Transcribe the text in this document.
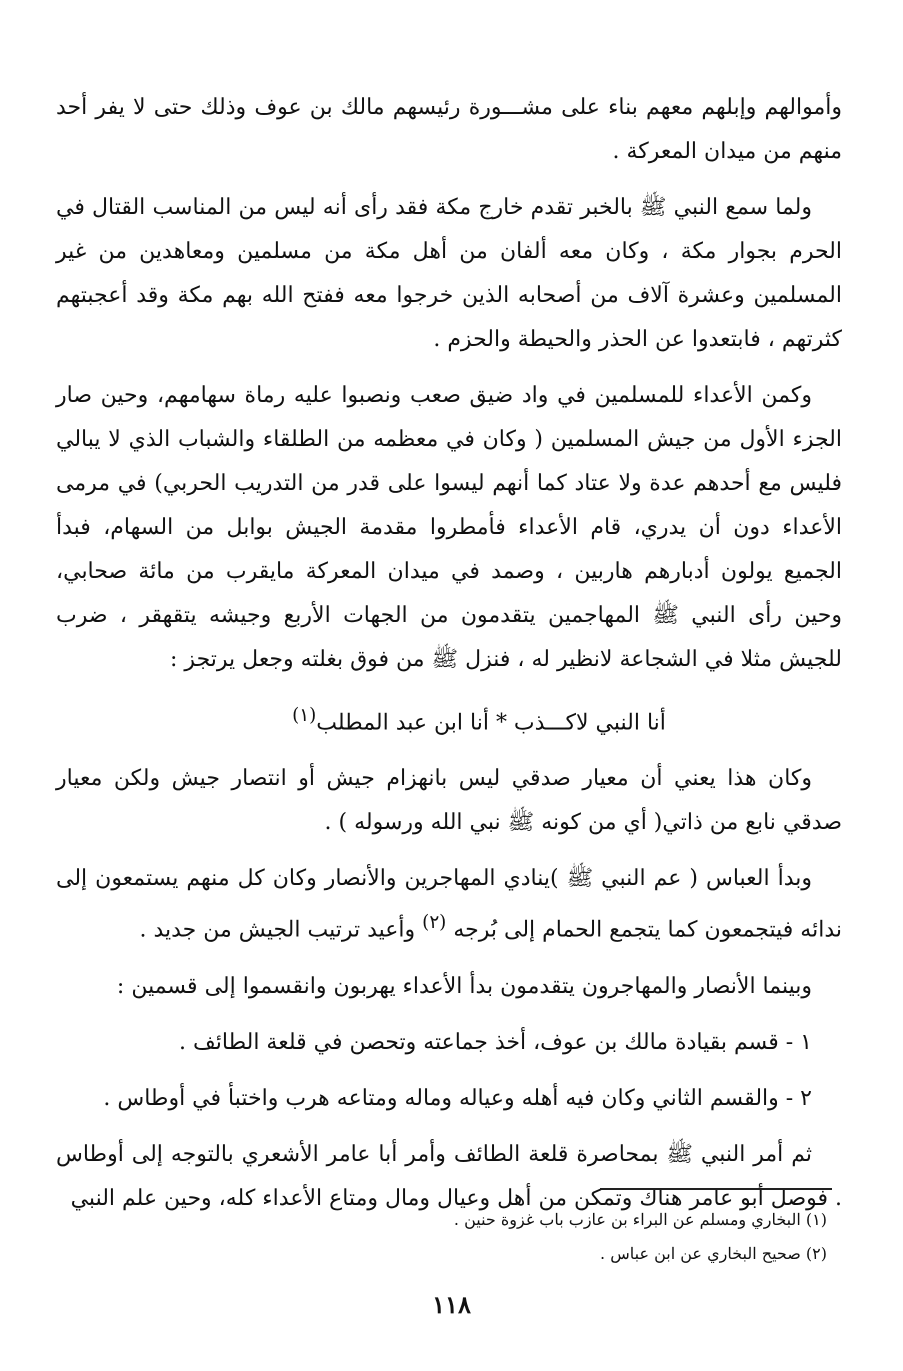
وأموالهم وإبلهم معهم بناء على مشـــورة رئيسهم مالك بن عوف وذلك حتى لا يفر أحد منهم من ميدان المعركة .

ولما سمع النبي ﷺ بالخبر تقدم خارج مكة فقد رأى أنه ليس من المناسب القتال في الحرم بجوار مكة ، وكان معه ألفان من أهل مكة من مسلمين ومعاهدين من غير المسلمين وعشرة آلاف من أصحابه الذين خرجوا معه ففتح الله بهم مكة وقد أعجبتهم كثرتهم ، فابتعدوا عن الحذر والحيطة والحزم .

وكمن الأعداء للمسلمين في واد ضيق صعب ونصبوا عليه رماة سهامهم، وحين صار الجزء الأول من جيش المسلمين ( وكان في معظمه من الطلقاء والشباب الذي لا يبالي فليس مع أحدهم عدة ولا عتاد كما أنهم ليسوا على قدر من التدريب الحربي) في مرمى الأعداء دون أن يدري، قام الأعداء فأمطروا مقدمة الجيش بوابل من السهام، فبدأ الجميع يولون أدبارهم هاربين ، وصمد في ميدان المعركة مايقرب من مائة صحابي، وحين رأى النبي ﷺ المهاجمين يتقدمون من الجهات الأربع وجيشه يتقهقر ، ضرب للجيش مثلا في الشجاعة لانظير له ، فنزل ﷺ من فوق بغلته وجعل يرتجز :

أنا النبي لاكـــذب * أنا ابن عبد المطلب$^{(١)}$

وكان هذا يعني أن معيار صدقي ليس بانهزام جيش أو انتصار جيش ولكن معيار صدقي نابع من ذاتي( أي من كونه ﷺ نبي الله ورسوله ) .

وبدأ العباس ( عم النبي ﷺ )ينادي المهاجرين والأنصار وكان كل منهم يستمعون إلى ندائه فيتجمعون كما يتجمع الحمام إلى بُرجه $^{(٢)}$ وأعيد ترتيب الجيش من جديد .

وبينما الأنصار والمهاجرون يتقدمون بدأ الأعداء يهربون وانقسموا إلى قسمين :

١ - قسم بقيادة مالك بن عوف، أخذ جماعته وتحصن في قلعة الطائف .

٢ - والقسم الثاني وكان فيه أهله وعياله وماله ومتاعه هرب واختبأ في أوطاس .

ثم أمر النبي ﷺ بمحاصرة قلعة الطائف وأمر أبا عامر الأشعري بالتوجه إلى أوطاس . فوصل أبو عامر هناك وتمكن من أهل وعيال ومال ومتاع الأعداء كله، وحين علم النبي

(١) البخاري ومسلم عن البراء بن عازب باب غزوة حنين .

(٢) صحيح البخاري عن ابن عباس .

١١٨
